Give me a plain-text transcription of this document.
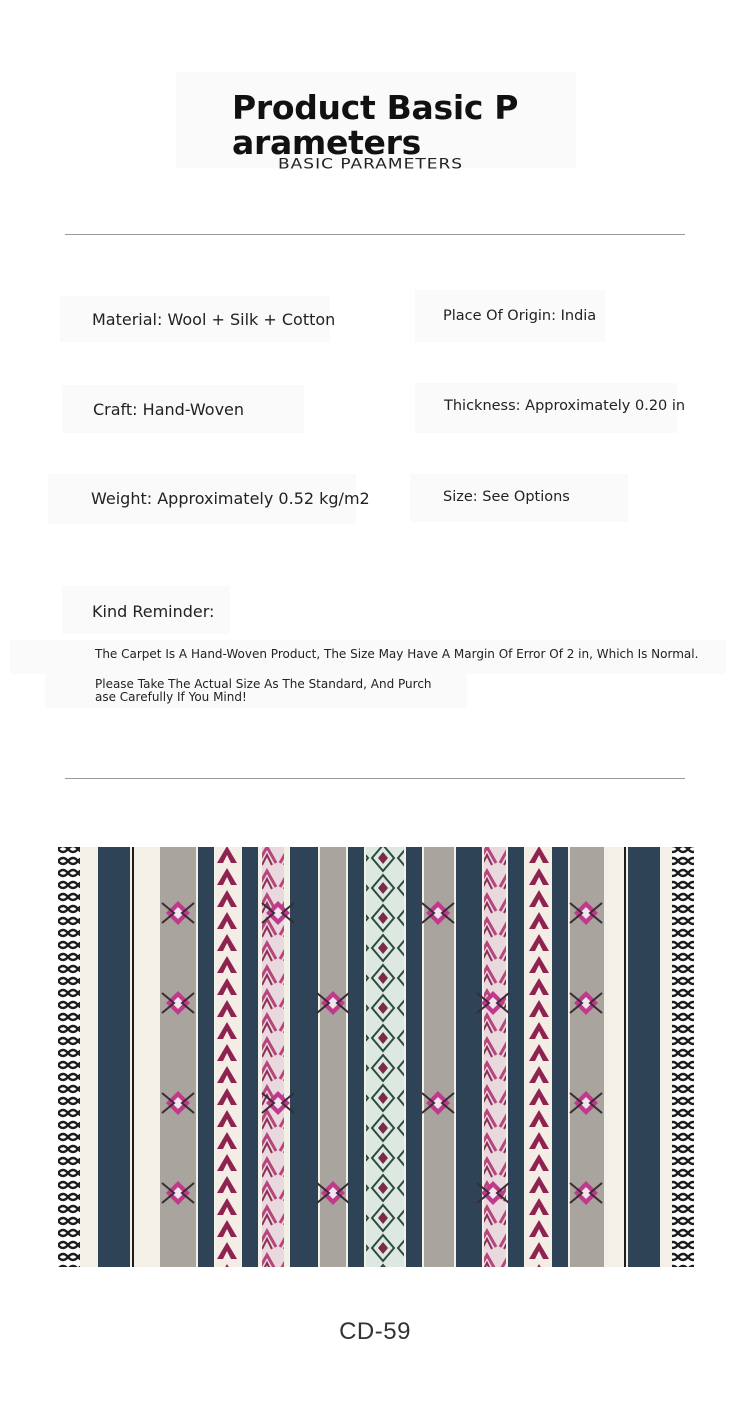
Product Basic P
arameters
BASIC PARAMETERS
Material: Wool + Silk + Cotton	Place Of Origin: India
Craft: Hand-Woven	Thickness: Approximately 0.20 in
Weight: Approximately 0.52 kg/m2	Size: See Options
Kind Reminder:
The Carpet Is A Hand-Woven Product, The Size May Have A Margin Of Error Of 2 in, Which Is Normal.
Please Take The Actual Size As The Standard, And Purch
ase Carefully If You Mind!
CD-59
